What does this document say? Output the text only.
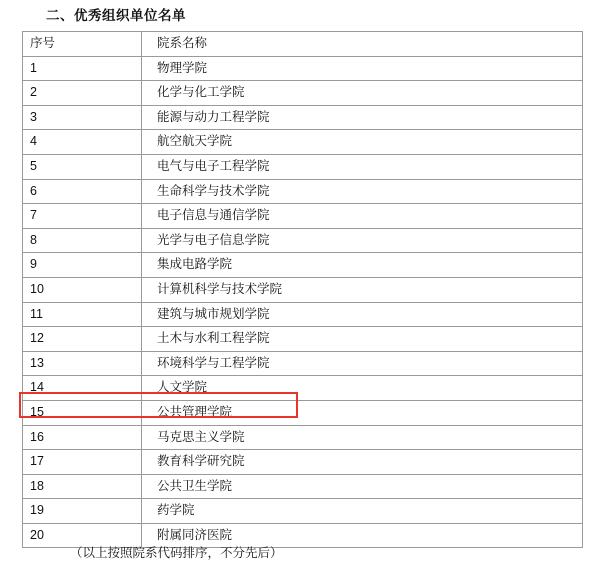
二、优秀组织单位名单
序号	院系名称
1	物理学院
2	化学与化工学院
3	能源与动力工程学院
4	航空航天学院
5	电气与电子工程学院
6	生命科学与技术学院
7	电子信息与通信学院
8	光学与电子信息学院
9	集成电路学院
10	计算机科学与技术学院
11	建筑与城市规划学院
12	土木与水利工程学院
13	环境科学与工程学院
14	人文学院
15	公共管理学院
16	马克思主义学院
17	教育科学研究院
18	公共卫生学院
19	药学院
20	附属同济医院
（以上按照院系代码排序，不分先后）
